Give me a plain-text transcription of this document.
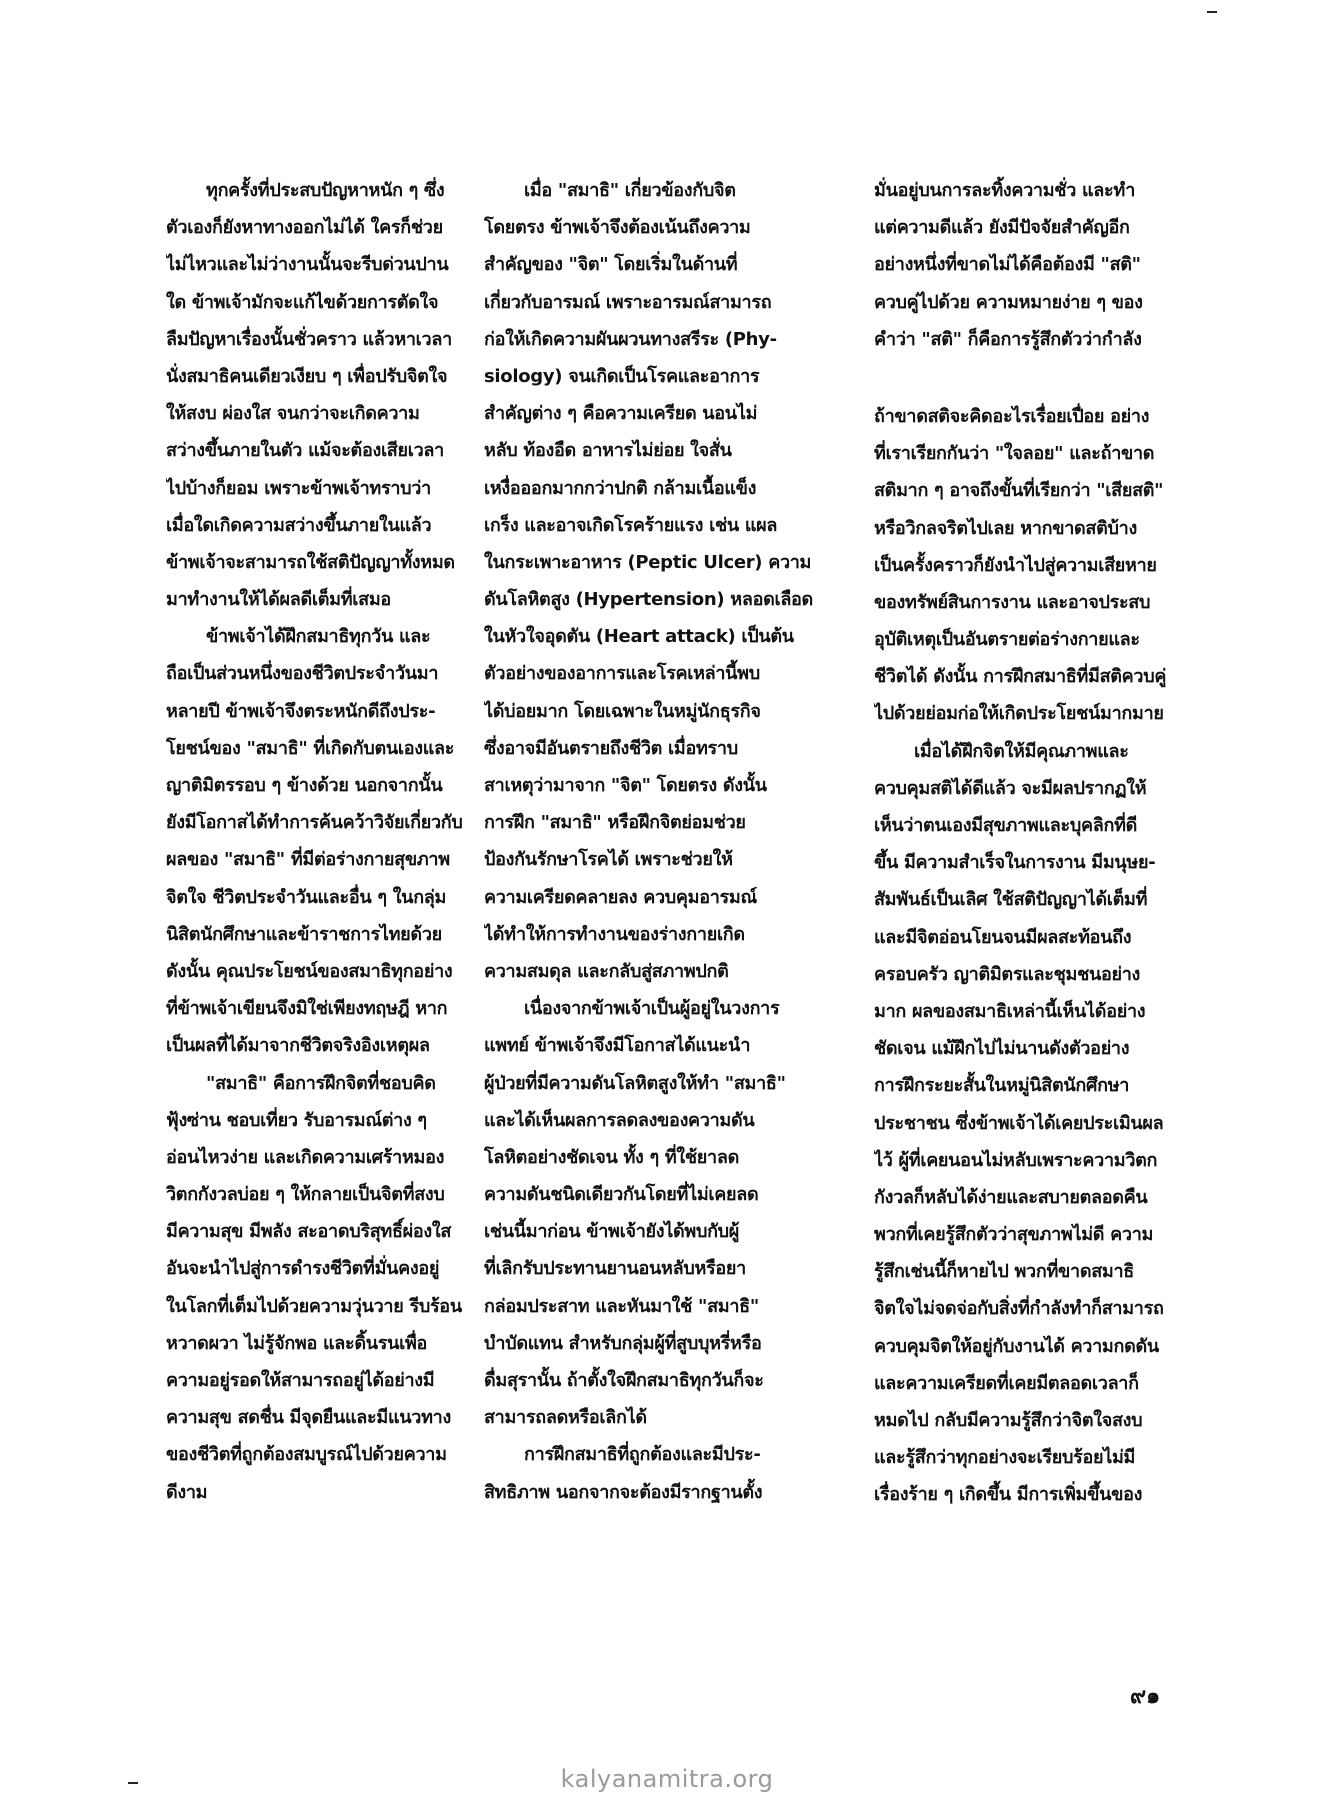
ทุกครั้งที่ประสบปัญหาหนัก ๆ ซึ่ง
ตัวเองก็ยังหาทางออกไม่ได้ ใครก็ช่วย
ไม่ไหวและไม่ว่างานนั้นจะรีบด่วนปาน
ใด ข้าพเจ้ามักจะแก้ไขด้วยการตัดใจ
ลืมปัญหาเรื่องนั้นชั่วคราว แล้วหาเวลา
นั่งสมาธิคนเดียวเงียบ ๆ เพื่อปรับจิตใจ
ให้สงบ ผ่องใส จนกว่าจะเกิดความ
สว่างขึ้นภายในตัว แม้จะต้องเสียเวลา
ไปบ้างก็ยอม เพราะข้าพเจ้าทราบว่า
เมื่อใดเกิดความสว่างขึ้นภายในแล้ว
ข้าพเจ้าจะสามารถใช้สติปัญญาทั้งหมด
มาทำงานให้ได้ผลดีเต็มที่เสมอ
ข้าพเจ้าได้ฝึกสมาธิทุกวัน และ
ถือเป็นส่วนหนึ่งของชีวิตประจำวันมา
หลายปี ข้าพเจ้าจึงตระหนักดีถึงประ-
โยชน์ของ "สมาธิ" ที่เกิดกับตนเองและ
ญาติมิตรรอบ ๆ ข้างด้วย นอกจากนั้น
ยังมีโอกาสได้ทำการค้นคว้าวิจัยเกี่ยวกับ
ผลของ "สมาธิ" ที่มีต่อร่างกายสุขภาพ
จิตใจ ชีวิตประจำวันและอื่น ๆ ในกลุ่ม
นิสิตนักศึกษาและข้าราชการไทยด้วย
ดังนั้น คุณประโยชน์ของสมาธิทุกอย่าง
ที่ข้าพเจ้าเขียนจึงมิใช่เพียงทฤษฎี หาก
เป็นผลที่ได้มาจากชีวิตจริงอิงเหตุผล
"สมาธิ" คือการฝึกจิตที่ชอบคิด
ฟุ้งซ่าน ชอบเที่ยว รับอารมณ์ต่าง ๆ
อ่อนไหวง่าย และเกิดความเศร้าหมอง
วิตกกังวลบ่อย ๆ ให้กลายเป็นจิตที่สงบ
มีความสุข มีพลัง สะอาดบริสุทธิ์ผ่องใส
อันจะนำไปสู่การดำรงชีวิตที่มั่นคงอยู่
ในโลกที่เต็มไปด้วยความวุ่นวาย รีบร้อน
หวาดผวา ไม่รู้จักพอ และดิ้นรนเพื่อ
ความอยู่รอดให้สามารถอยู่ได้อย่างมี
ความสุข สดชื่น มีจุดยืนและมีแนวทาง
ของชีวิตที่ถูกต้องสมบูรณ์ไปด้วยความ
ดีงาม
เมื่อ "สมาธิ" เกี่ยวข้องกับจิต
โดยตรง ข้าพเจ้าจึงต้องเน้นถึงความ
สำคัญของ "จิต" โดยเริ่มในด้านที่
เกี่ยวกับอารมณ์ เพราะอารมณ์สามารถ
ก่อให้เกิดความผันผวนทางสรีระ (Phy-
siology) จนเกิดเป็นโรคและอาการ
สำคัญต่าง ๆ คือความเครียด นอนไม่
หลับ ท้องอืด อาหารไม่ย่อย ใจสั่น
เหงื่อออกมากกว่าปกติ กล้ามเนื้อแข็ง
เกร็ง และอาจเกิดโรคร้ายแรง เช่น แผล
ในกระเพาะอาหาร (Peptic Ulcer) ความ
ดันโลหิตสูง (Hypertension) หลอดเลือด
ในหัวใจอุดตัน (Heart attack) เป็นต้น
ตัวอย่างของอาการและโรคเหล่านี้พบ
ได้บ่อยมาก โดยเฉพาะในหมู่นักธุรกิจ
ซึ่งอาจมีอันตรายถึงชีวิต เมื่อทราบ
สาเหตุว่ามาจาก "จิต" โดยตรง ดังนั้น
การฝึก "สมาธิ" หรือฝึกจิตย่อมช่วย
ป้องกันรักษาโรคได้ เพราะช่วยให้
ความเครียดคลายลง ควบคุมอารมณ์
ได้ทำให้การทำงานของร่างกายเกิด
ความสมดุล และกลับสู่สภาพปกติ
เนื่องจากข้าพเจ้าเป็นผู้อยู่ในวงการ
แพทย์ ข้าพเจ้าจึงมีโอกาสได้แนะนำ
ผู้ป่วยที่มีความดันโลหิตสูงให้ทำ "สมาธิ"
และได้เห็นผลการลดลงของความดัน
โลหิตอย่างชัดเจน ทั้ง ๆ ที่ใช้ยาลด
ความดันชนิดเดียวกันโดยที่ไม่เคยลด
เช่นนี้มาก่อน ข้าพเจ้ายังได้พบกับผู้
ที่เลิกรับประทานยานอนหลับหรือยา
กล่อมประสาท และหันมาใช้ "สมาธิ"
บำบัดแทน สำหรับกลุ่มผู้ที่สูบบุหรี่หรือ
ดื่มสุรานั้น ถ้าตั้งใจฝึกสมาธิทุกวันก็จะ
สามารถลดหรือเลิกได้
การฝึกสมาธิที่ถูกต้องและมีประ-
สิทธิภาพ นอกจากจะต้องมีรากฐานตั้ง
มั่นอยู่บนการละทิ้งความชั่ว และทำ
แต่ความดีแล้ว ยังมีปัจจัยสำคัญอีก
อย่างหนึ่งที่ขาดไม่ได้คือต้องมี "สติ"
ควบคู่ไปด้วย ความหมายง่าย ๆ ของ
คำว่า "สติ" ก็คือการรู้สึกตัวว่ากำลัง
ถ้าขาดสติจะคิดอะไรเรื่อยเปื่อย อย่าง
ที่เราเรียกกันว่า "ใจลอย" และถ้าขาด
สติมาก ๆ อาจถึงขั้นที่เรียกว่า "เสียสติ"
หรือวิกลจริตไปเลย หากขาดสติบ้าง
เป็นครั้งคราวก็ยังนำไปสู่ความเสียหาย
ของทรัพย์สินการงาน และอาจประสบ
อุบัติเหตุเป็นอันตรายต่อร่างกายและ
ชีวิตได้ ดังนั้น การฝึกสมาธิที่มีสติควบคู่
ไปด้วยย่อมก่อให้เกิดประโยชน์มากมาย
เมื่อได้ฝึกจิตให้มีคุณภาพและ
ควบคุมสติได้ดีแล้ว จะมีผลปรากฏให้
เห็นว่าตนเองมีสุขภาพและบุคลิกที่ดี
ขึ้น มีความสำเร็จในการงาน มีมนุษย-
สัมพันธ์เป็นเลิศ ใช้สติปัญญาได้เต็มที่
และมีจิตอ่อนโยนจนมีผลสะท้อนถึง
ครอบครัว ญาติมิตรและชุมชนอย่าง
มาก ผลของสมาธิเหล่านี้เห็นได้อย่าง
ชัดเจน แม้ฝึกไปไม่นานดังตัวอย่าง
การฝึกระยะสั้นในหมู่นิสิตนักศึกษา
ประชาชน ซึ่งข้าพเจ้าได้เคยประเมินผล
ไว้ ผู้ที่เคยนอนไม่หลับเพราะความวิตก
กังวลก็หลับได้ง่ายและสบายตลอดคืน
พวกที่เคยรู้สึกตัวว่าสุขภาพไม่ดี ความ
รู้สึกเช่นนี้ก็หายไป พวกที่ขาดสมาธิ
จิตใจไม่จดจ่อกับสิ่งที่กำลังทำก็สามารถ
ควบคุมจิตให้อยู่กับงานได้ ความกดดัน
และความเครียดที่เคยมีตลอดเวลาก็
หมดไป กลับมีความรู้สึกว่าจิตใจสงบ
และรู้สึกว่าทุกอย่างจะเรียบร้อยไม่มี
เรื่องร้าย ๆ เกิดขึ้น มีการเพิ่มขึ้นของ
๙๑
kalyanamitra.org
